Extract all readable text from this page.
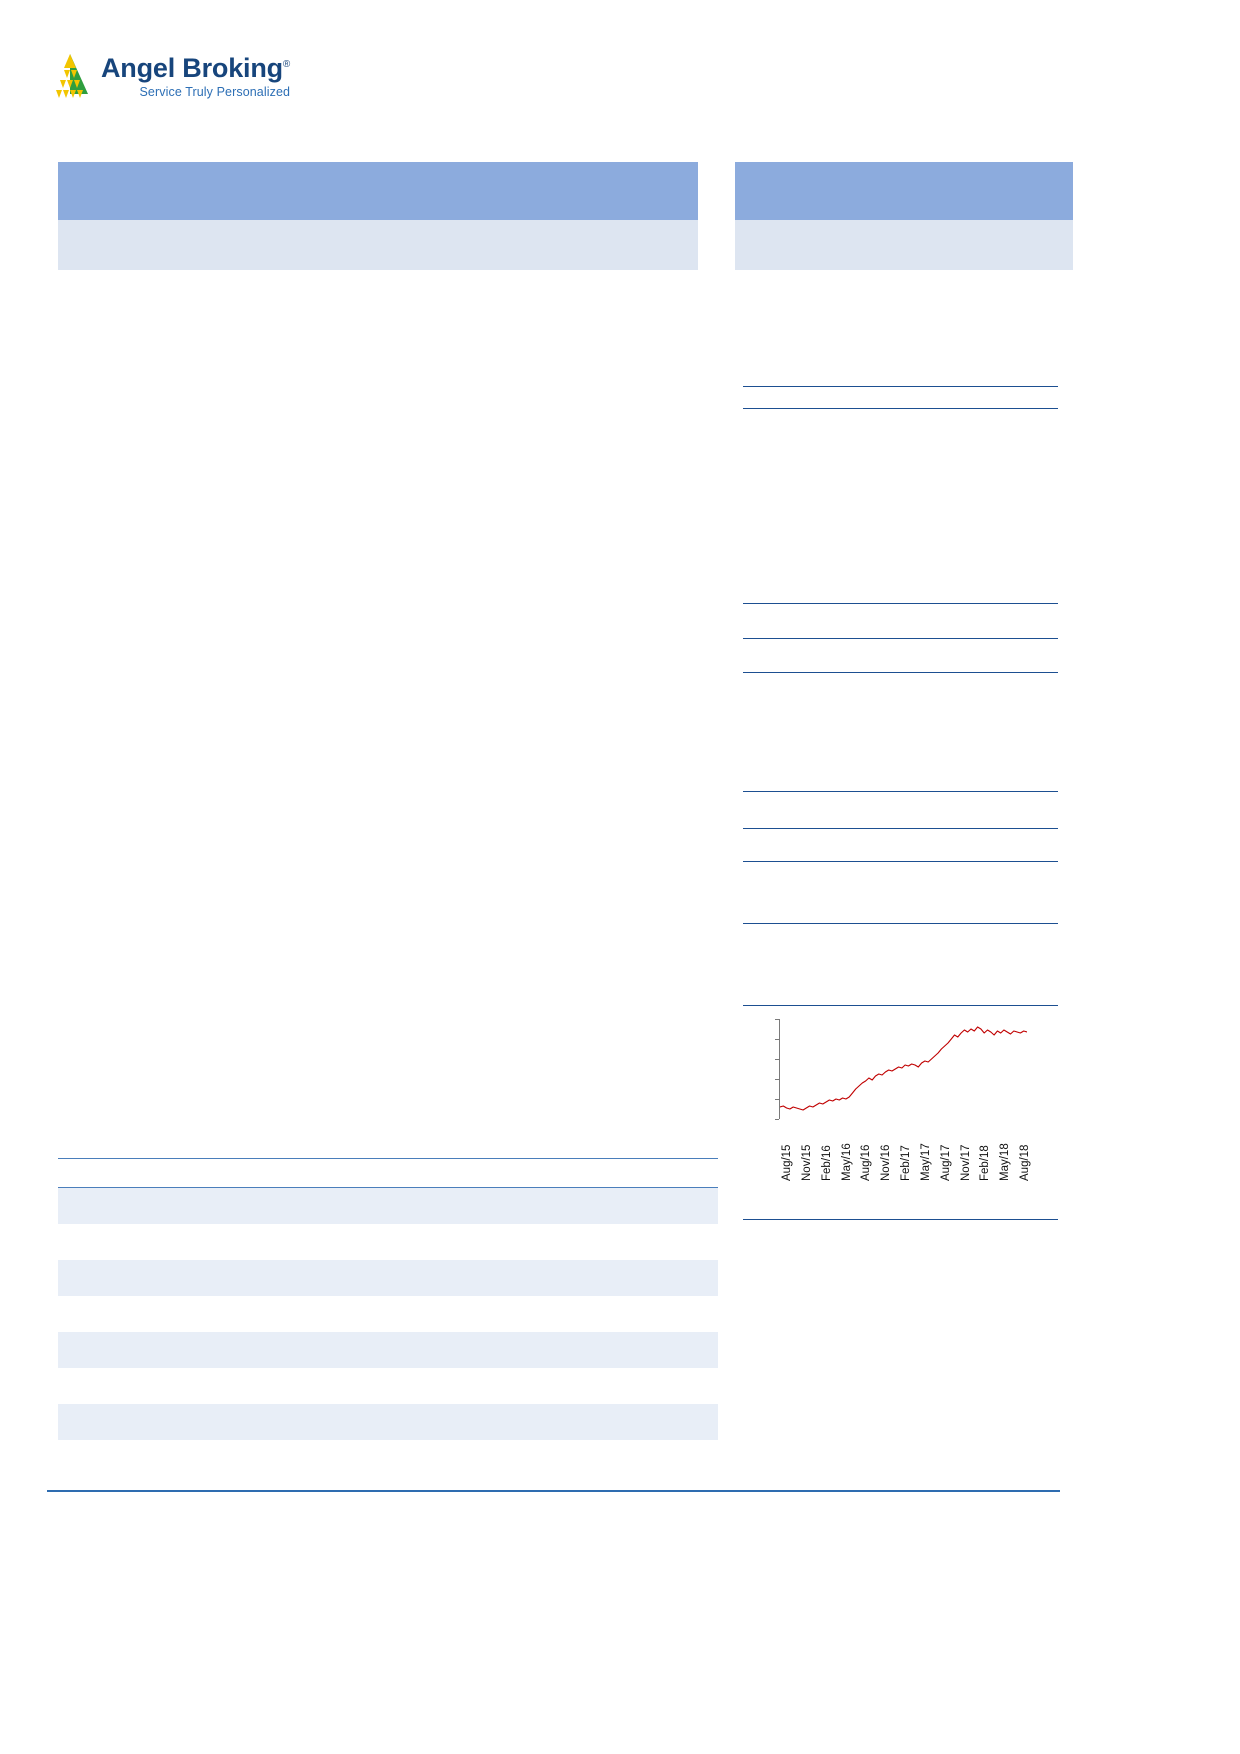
Angel Broking®
Service Truly Personalized
Aug/15 Nov/15 Feb/16 May/16 Aug/16 Nov/16 Feb/17 May/17 Aug/17 Nov/17 Feb/18 May/18 Aug/18
